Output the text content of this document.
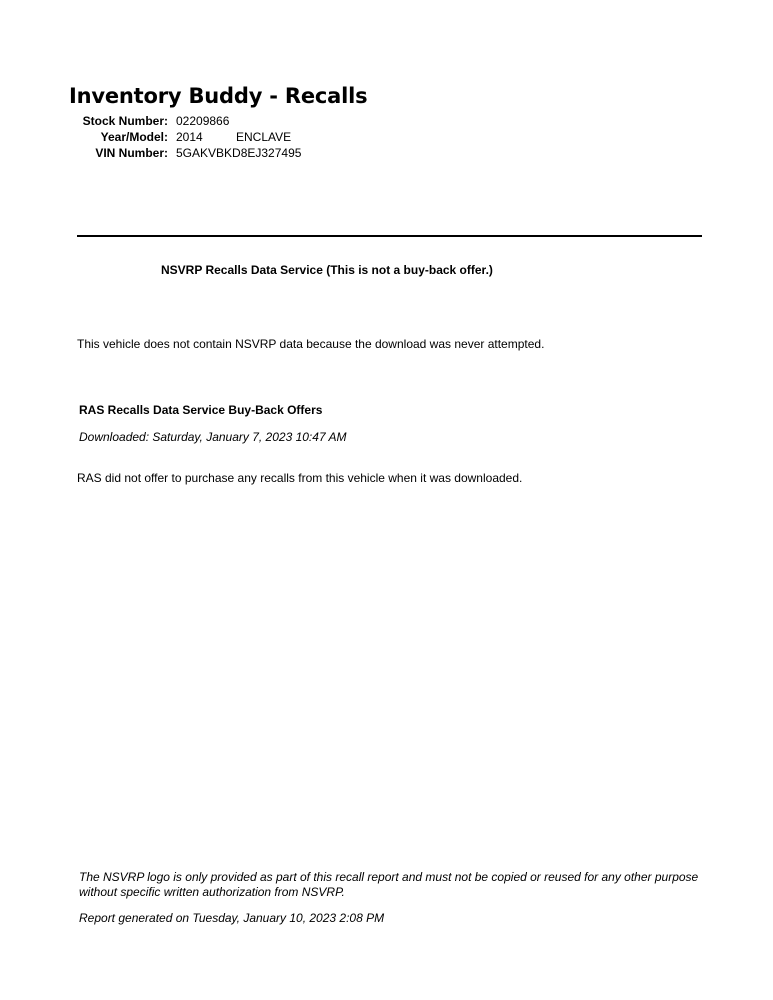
Inventory Buddy - Recalls
Stock Number: 02209866
Year/Model: 2014	ENCLAVE
VIN Number: 5GAKVBKD8EJ327495
NSVRP Recalls Data Service (This is not a buy-back offer.)
This vehicle does not contain NSVRP data because the download was never attempted.
RAS Recalls Data Service Buy-Back Offers
Downloaded: Saturday, January 7, 2023 10:47 AM
RAS did not offer to purchase any recalls from this vehicle when it was downloaded.
The NSVRP logo is only provided as part of this recall report and must not be copied or reused for any other purpose without specific written authorization from NSVRP.
Report generated on Tuesday, January 10, 2023 2:08 PM
